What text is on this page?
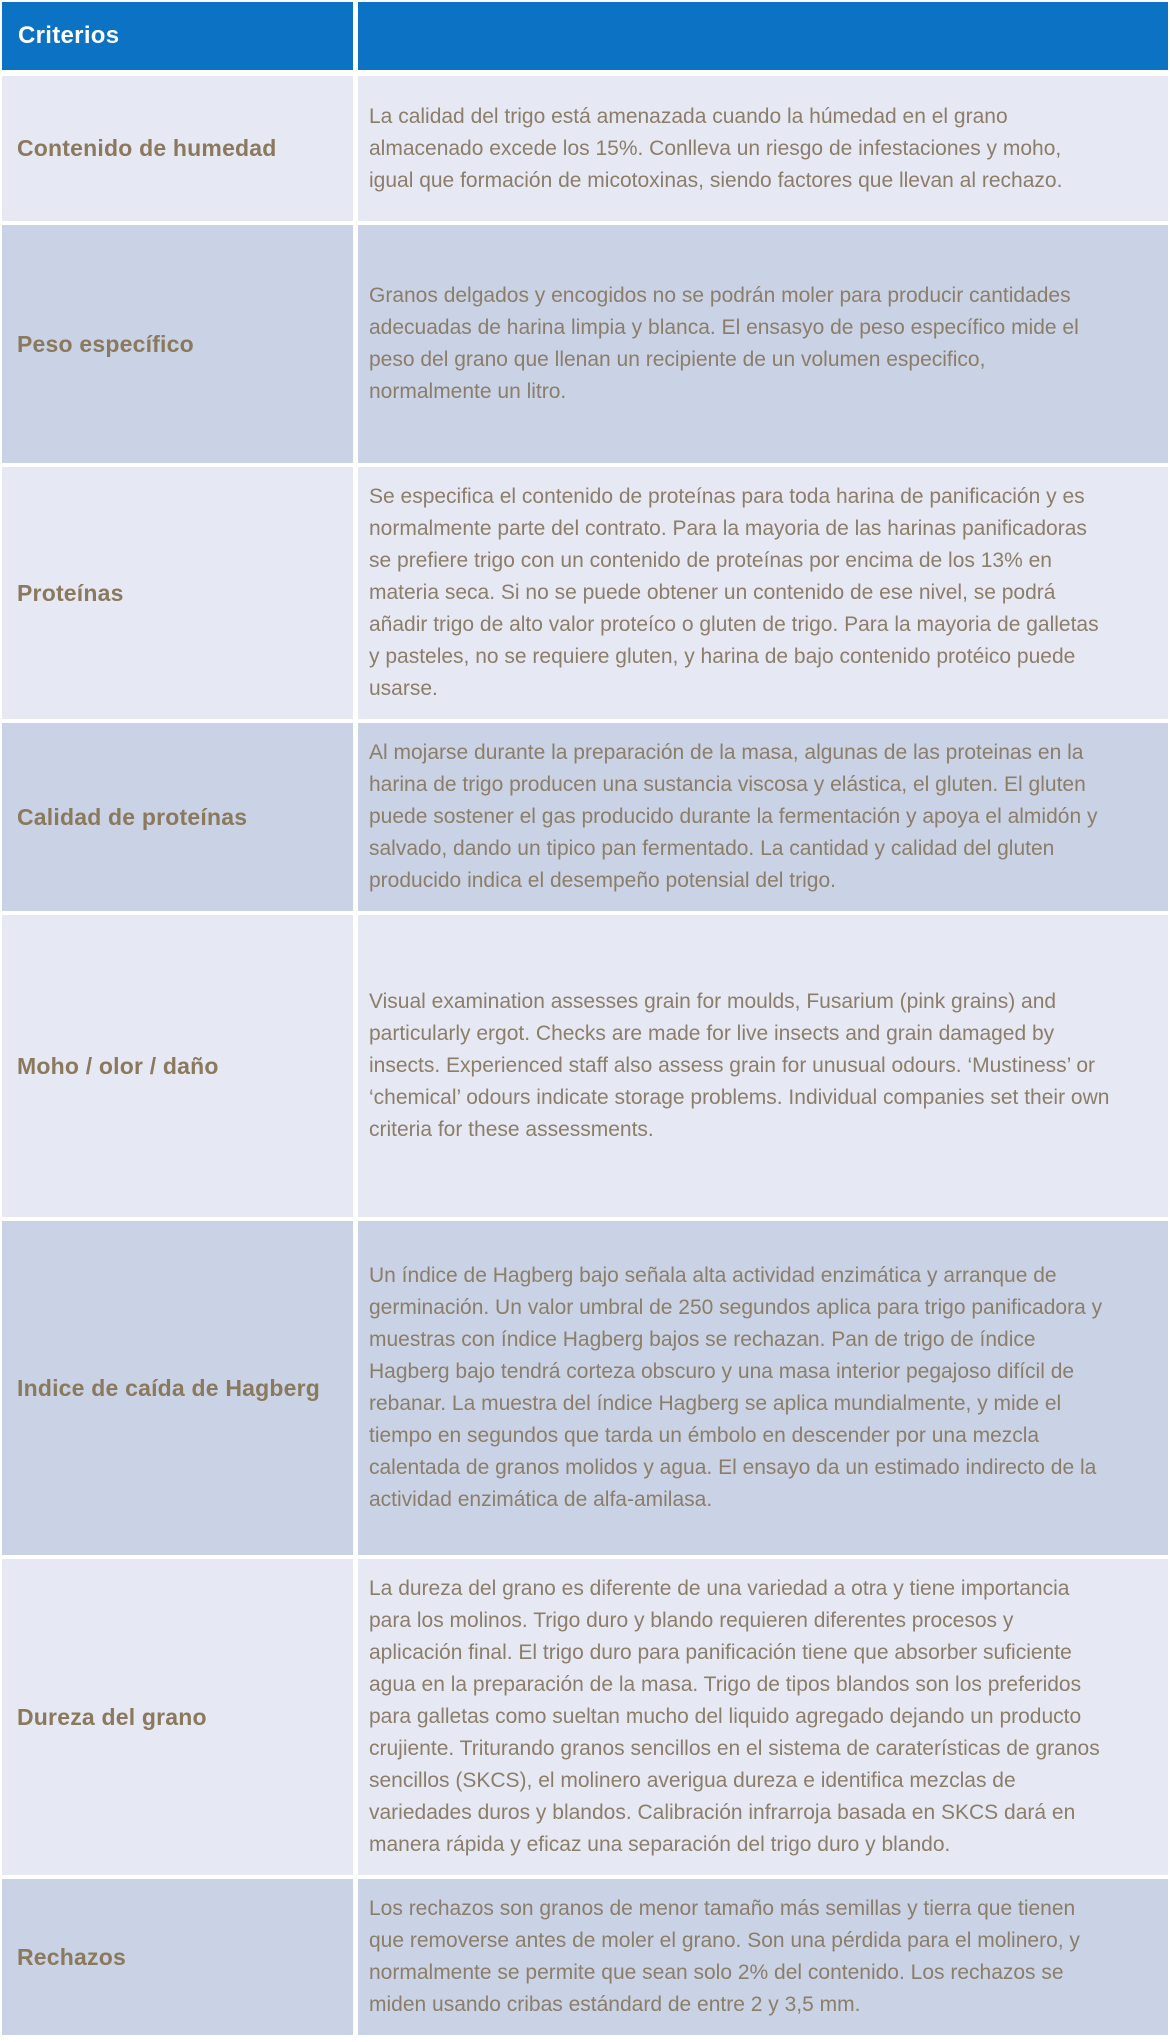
Criterios
Contenido de humedad
La calidad del trigo está amenazada cuando la húmedad en el grano almacenado excede los 15%. Conlleva un riesgo de infestaciones y moho, igual que formación de micotoxinas, siendo factores que llevan al rechazo.
Peso específico
Granos delgados y encogidos no se podrán moler para producir cantidades adecuadas de harina limpia y blanca. El ensasyo de peso específico mide el peso del grano que llenan un recipiente de un volumen especifico, normalmente un litro.
Proteínas
Se especifica el contenido de proteínas para toda harina de panificación y es normalmente parte del contrato. Para la mayoria de las harinas panificadoras se prefiere trigo con un contenido de proteínas por encima de los 13% en materia seca. Si no se puede obtener un contenido de ese nivel, se podrá añadir trigo de alto valor proteíco o gluten de trigo. Para la mayoria de galletas y pasteles, no se requiere gluten, y harina de bajo contenido protéico puede usarse.
Calidad de proteínas
Al mojarse durante la preparación de la masa, algunas de las proteinas en la harina de trigo producen una sustancia viscosa y elástica, el gluten. El gluten puede sostener el gas producido durante la fermentación y apoya el almidón y salvado, dando un tipico pan fermentado. La cantidad y calidad del gluten producido indica el desempeño potensial del trigo.
Moho / olor / daño
Visual examination assesses grain for moulds, Fusarium (pink grains) and particularly ergot. Checks are made for live insects and grain damaged by insects. Experienced staff also assess grain for unusual odours. ‘Mustiness’ or ‘chemical’ odours indicate storage problems. Individual companies set their own criteria for these assessments.
Indice de caída de Hagberg
Un índice de Hagberg bajo señala alta actividad enzimática y arranque de germinación. Un valor umbral de 250 segundos aplica para trigo panificadora y muestras con índice Hagberg bajos se rechazan. Pan de trigo de índice Hagberg bajo tendrá corteza obscuro y una masa interior pegajoso difícil de rebanar. La muestra del índice Hagberg se aplica mundialmente, y mide el tiempo en segundos que tarda un émbolo en descender por una mezcla calentada de granos molidos y agua. El ensayo da un estimado indirecto de la actividad enzimática de alfa-amilasa.
Dureza del grano
La dureza del grano es diferente de una variedad a otra y tiene importancia para los molinos. Trigo duro y blando requieren diferentes procesos y aplicación final. El trigo duro para panificación tiene que absorber suficiente agua en la preparación de la masa. Trigo de tipos blandos son los preferidos para galletas como sueltan mucho del liquido agregado dejando un producto crujiente. Triturando granos sencillos en el sistema de caraterísticas de granos sencillos (SKCS), el molinero averigua dureza e identifica mezclas de variedades duros y blandos. Calibración infrarroja basada en SKCS dará en manera rápida y eficaz una separación del trigo duro y blando.
Rechazos
Los rechazos son granos de menor tamaño más semillas y tierra que tienen que removerse antes de moler el grano. Son una pérdida para el molinero, y normalmente se permite que sean solo 2% del contenido. Los rechazos se miden usando cribas estándard de entre 2 y 3,5 mm.
